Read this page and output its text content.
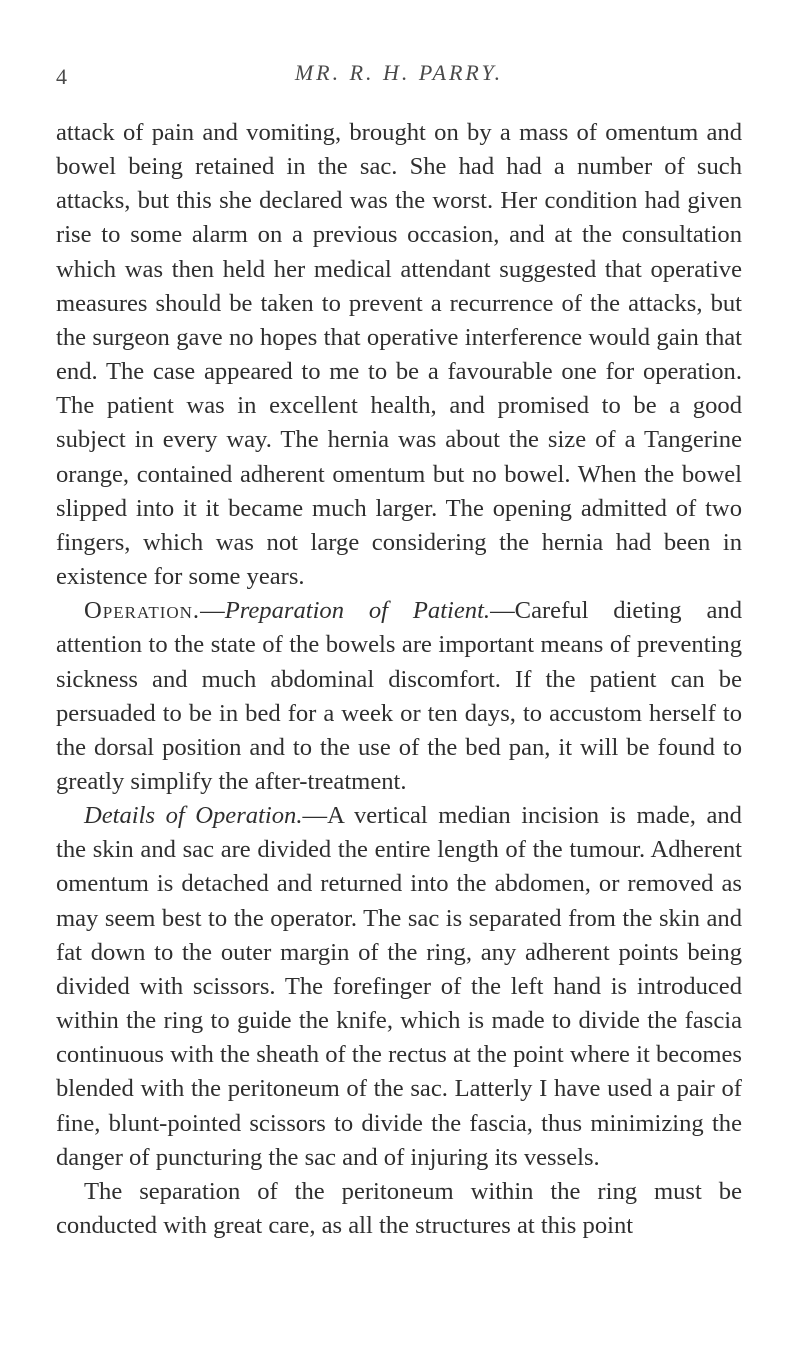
4	MR. R. H. PARRY.

attack of pain and vomiting, brought on by a mass of omentum and bowel being retained in the sac. She had had a number of such attacks, but this she declared was the worst. Her condition had given rise to some alarm on a previous occasion, and at the consultation which was then held her medical attendant suggested that operative measures should be taken to prevent a recurrence of the attacks, but the surgeon gave no hopes that operative interference would gain that end. The case appeared to me to be a favourable one for operation. The patient was in excellent health, and promised to be a good subject in every way. The hernia was about the size of a Tangerine orange, contained adherent omentum but no bowel. When the bowel slipped into it it became much larger. The opening admitted of two fingers, which was not large considering the hernia had been in existence for some years.

Operation.—Preparation of Patient.—Careful dieting and attention to the state of the bowels are important means of preventing sickness and much abdominal discomfort. If the patient can be persuaded to be in bed for a week or ten days, to accustom herself to the dorsal position and to the use of the bed pan, it will be found to greatly simplify the after-treatment.

Details of Operation.—A vertical median incision is made, and the skin and sac are divided the entire length of the tumour. Adherent omentum is detached and returned into the abdomen, or removed as may seem best to the operator. The sac is separated from the skin and fat down to the outer margin of the ring, any adherent points being divided with scissors. The forefinger of the left hand is introduced within the ring to guide the knife, which is made to divide the fascia continuous with the sheath of the rectus at the point where it becomes blended with the peritoneum of the sac. Latterly I have used a pair of fine, blunt-pointed scissors to divide the fascia, thus minimizing the danger of puncturing the sac and of injuring its vessels.

The separation of the peritoneum within the ring must be conducted with great care, as all the structures at this point
